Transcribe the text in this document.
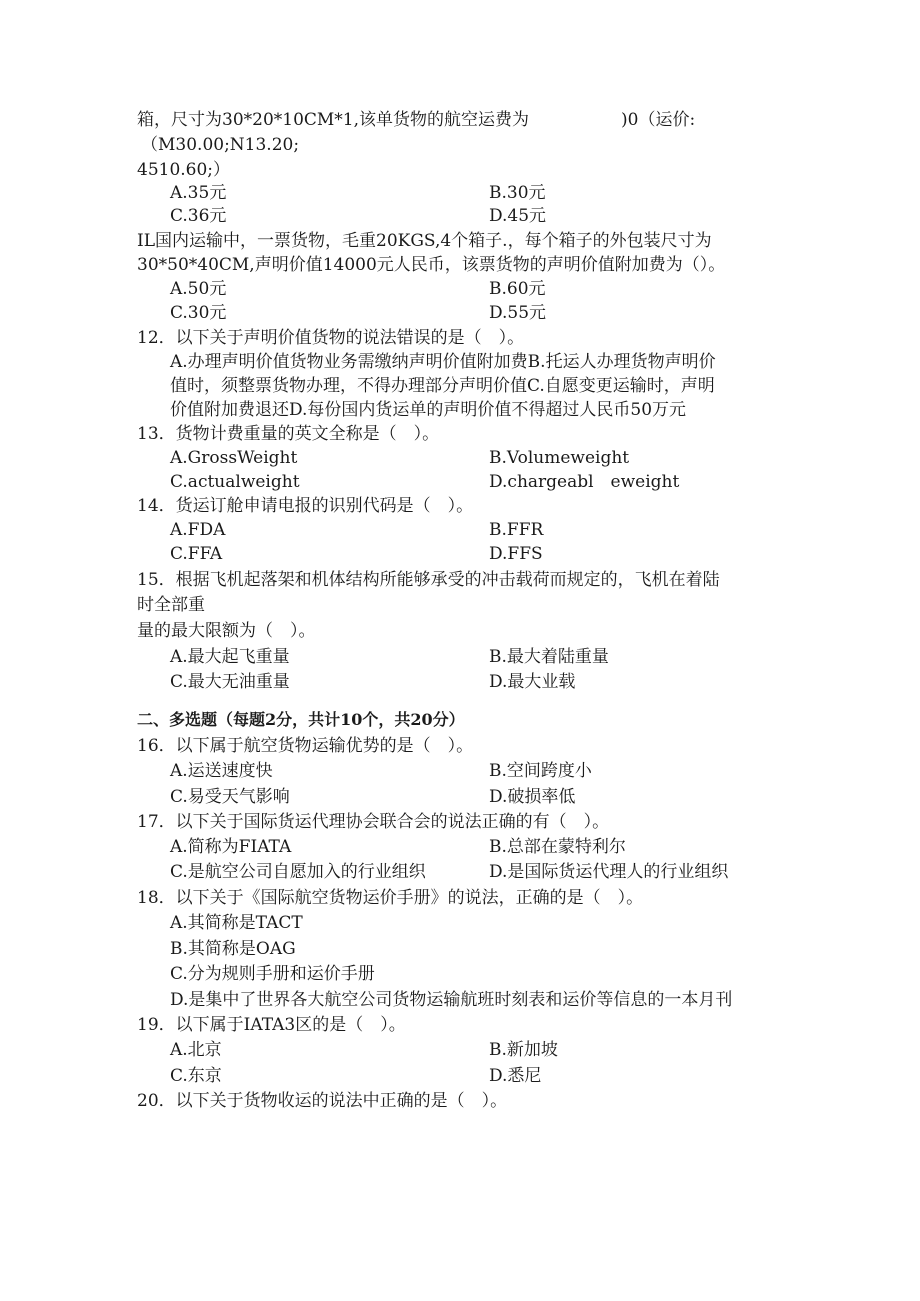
箱，尺寸为30*20*10CM*1,该单货物的航空运费为	)0（运价:
（M30.00;N13.20;
4510.60;）
A.35元	B.30元
C.36元	D.45元
IL国内运输中，一票货物，毛重20KGS,4个箱子.，每个箱子的外包装尺寸为
30*50*40CM,声明价值14000元人民币，该票货物的声明价值附加费为（）。
A.50元	B.60元
C.30元	D.55元
12．以下关于声明价值货物的说法错误的是（　）。
A.办理声明价值货物业务需缴纳声明价值附加费B.托运人办理货物声明价
值时，须整票货物办理，不得办理部分声明价值C.自愿变更运输时，声明
价值附加费退还D.每份国内货运单的声明价值不得超过人民币50万元
13．货物计费重量的英文全称是（　）。
A.GrossWeight	B.Volumeweight
C.actualweight	D.chargeabl　eweight
14．货运订舱申请电报的识别代码是（　）。
A.FDA	B.FFR
C.FFA	D.FFS
15．根据飞机起落架和机体结构所能够承受的冲击载荷而规定的，飞机在着陆
时全部重
量的最大限额为（　）。
A.最大起飞重量	B.最大着陆重量
C.最大无油重量	D.最大业载
二、多选题（每题2分，共计10个，共20分）
16．以下属于航空货物运输优势的是（　）。
A.运送速度快	B.空间跨度小
C.易受天气影响	D.破损率低
17．以下关于国际货运代理协会联合会的说法正确的有（　）。
A.简称为FIATA	B.总部在蒙特利尔
C.是航空公司自愿加入的行业组织	D.是国际货运代理人的行业组织
18．以下关于《国际航空货物运价手册》的说法，正确的是（　）。
A.其简称是TACT
B.其简称是OAG
C.分为规则手册和运价手册
D.是集中了世界各大航空公司货物运输航班时刻表和运价等信息的一本月刊
19．以下属于IATA3区的是（　）。
A.北京	B.新加坡
C.东京	D.悉尼
20．以下关于货物收运的说法中正确的是（　）。
